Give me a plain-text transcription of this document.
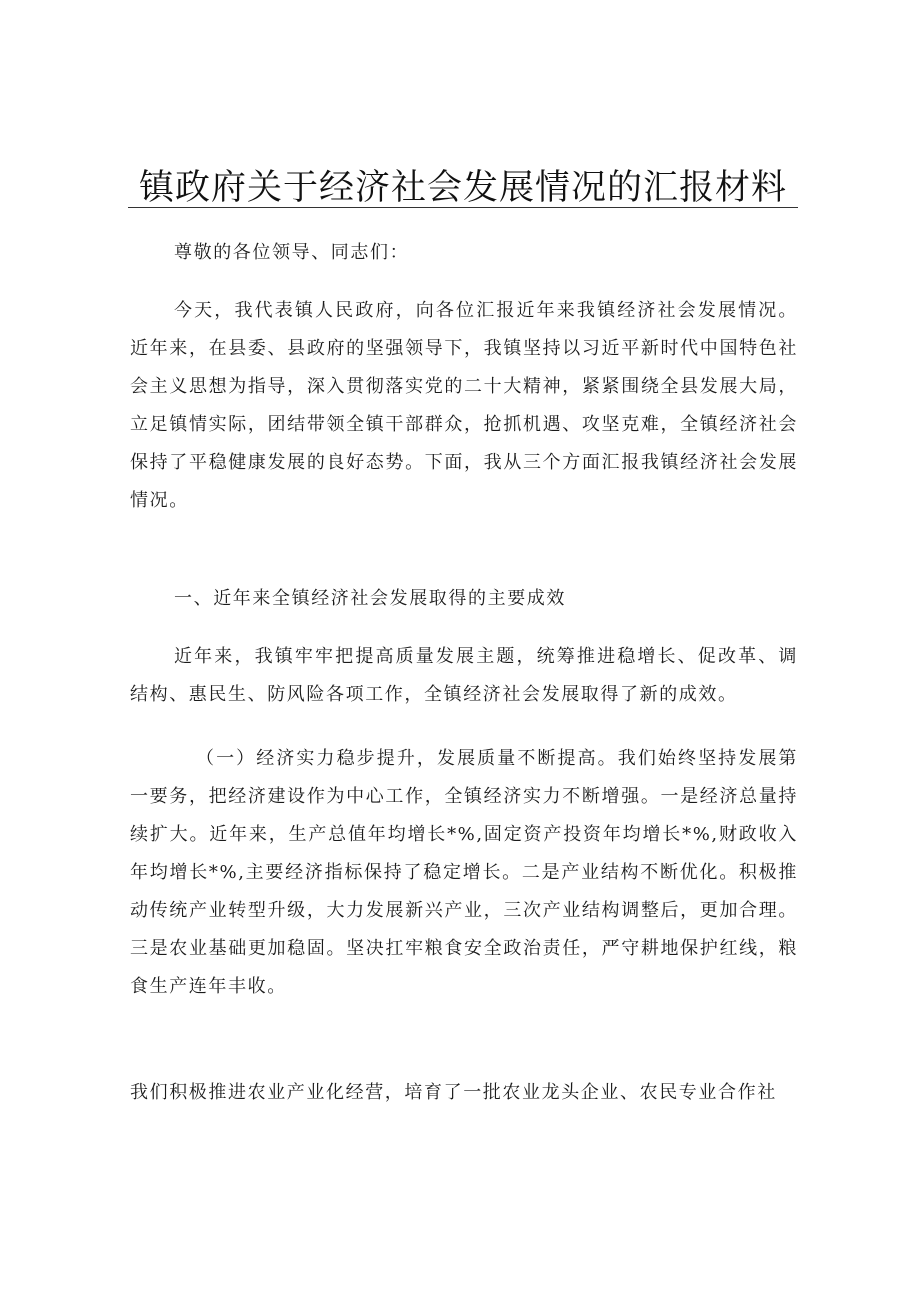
镇政府关于经济社会发展情况的汇报材料

尊敬的各位领导、同志们：

今天，我代表镇人民政府，向各位汇报近年来我镇经济社会发展情况。近年来，在县委、县政府的坚强领导下，我镇坚持以习近平新时代中国特色社会主义思想为指导，深入贯彻落实党的二十大精神，紧紧围绕全县发展大局，立足镇情实际，团结带领全镇干部群众，抢抓机遇、攻坚克难，全镇经济社会保持了平稳健康发展的良好态势。下面，我从三个方面汇报我镇经济社会发展情况。

一、近年来全镇经济社会发展取得的主要成效

近年来，我镇牢牢把提高质量发展主题，统筹推进稳增长、促改革、调结构、惠民生、防风险各项工作，全镇经济社会发展取得了新的成效。

（一）经济实力稳步提升，发展质量不断提高。我们始终坚持发展第一要务，把经济建设作为中心工作，全镇经济实力不断增强。一是经济总量持续扩大。近年来，生产总值年均增长*%,固定资产投资年均增长*%,财政收入年均增长*%,主要经济指标保持了稳定增长。二是产业结构不断优化。积极推动传统产业转型升级，大力发展新兴产业，三次产业结构调整后，更加合理。三是农业基础更加稳固。坚决扛牢粮食安全政治责任，严守耕地保护红线，粮食生产连年丰收。

我们积极推进农业产业化经营，培育了一批农业龙头企业、农民专业合作社
